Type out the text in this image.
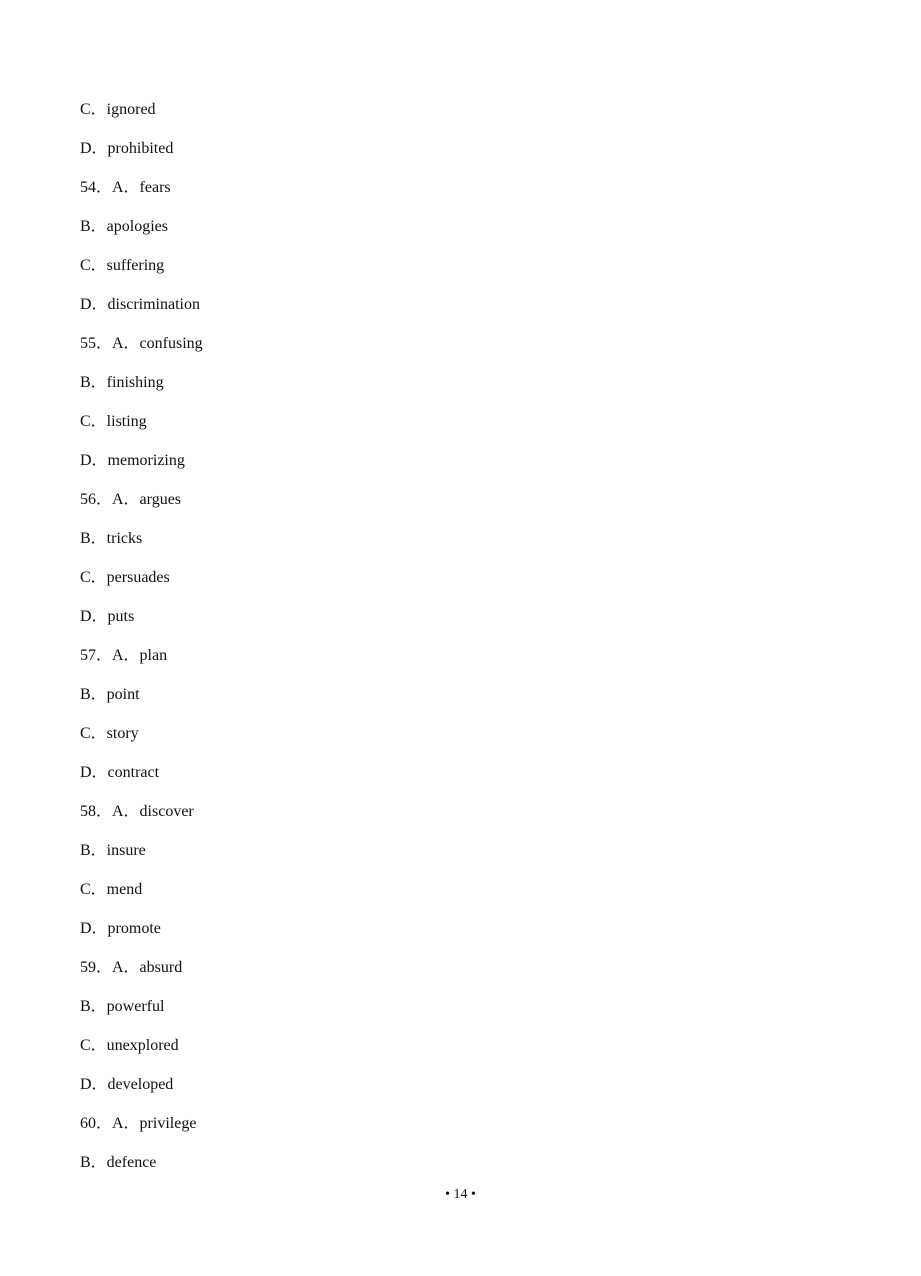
C．ignored
D．prohibited
54．A．fears
B．apologies
C．suffering
D．discrimination
55．A．confusing
B．finishing
C．listing
D．memorizing
56．A．argues
B．tricks
C．persuades
D．puts
57．A．plan
B．point
C．story
D．contract
58．A．discover
B．insure
C．mend
D．promote
59．A．absurd
B．powerful
C．unexplored
D．developed
60．A．privilege
B．defence
• 14 •
